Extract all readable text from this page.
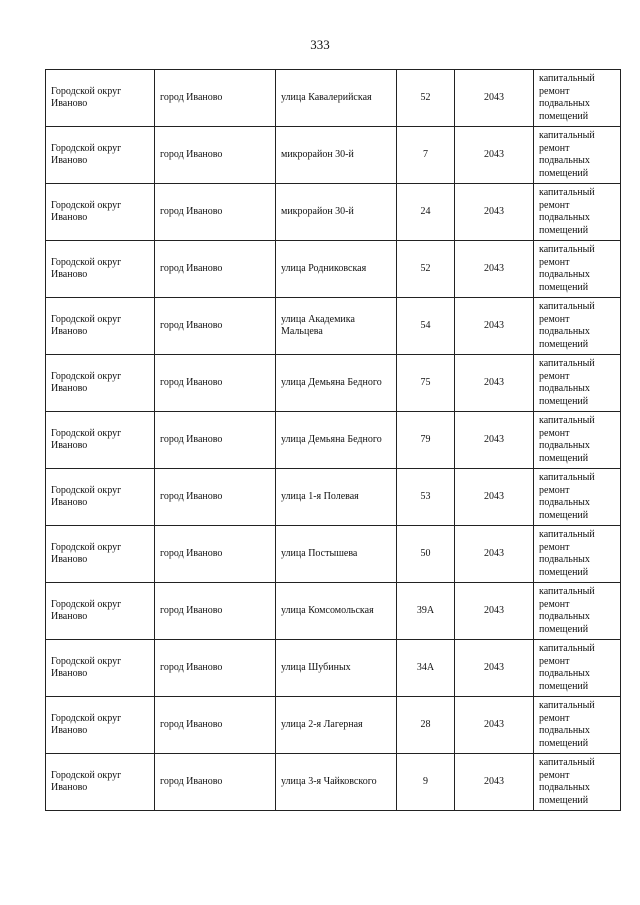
333
Городской округ Иваново	город Иваново	улица Кавалерийская	52	2043	капитальный ремонт подвальных помещений

Городской округ Иваново	город Иваново	микрорайон 30-й	7	2043	капитальный ремонт подвальных помещений

Городской округ Иваново	город Иваново	микрорайон 30-й	24	2043	капитальный ремонт подвальных помещений

Городской округ Иваново	город Иваново	улица Родниковская	52	2043	капитальный ремонт подвальных помещений

Городской округ Иваново	город Иваново	улица Академика Мальцева	54	2043	капитальный ремонт подвальных помещений

Городской округ Иваново	город Иваново	улица Демьяна Бедного	75	2043	капитальный ремонт подвальных помещений

Городской округ Иваново	город Иваново	улица Демьяна Бедного	79	2043	капитальный ремонт подвальных помещений

Городской округ Иваново	город Иваново	улица 1-я Полевая	53	2043	капитальный ремонт подвальных помещений

Городской округ Иваново	город Иваново	улица Постышева	50	2043	капитальный ремонт подвальных помещений

Городской округ Иваново	город Иваново	улица Комсомольская	39А	2043	капитальный ремонт подвальных помещений

Городской округ Иваново	город Иваново	улица Шубиных	34А	2043	капитальный ремонт подвальных помещений

Городской округ Иваново	город Иваново	улица 2-я Лагерная	28	2043	капитальный ремонт подвальных помещений

Городской округ Иваново	город Иваново	улица 3-я Чайковского	9	2043	капитальный ремонт подвальных помещений
